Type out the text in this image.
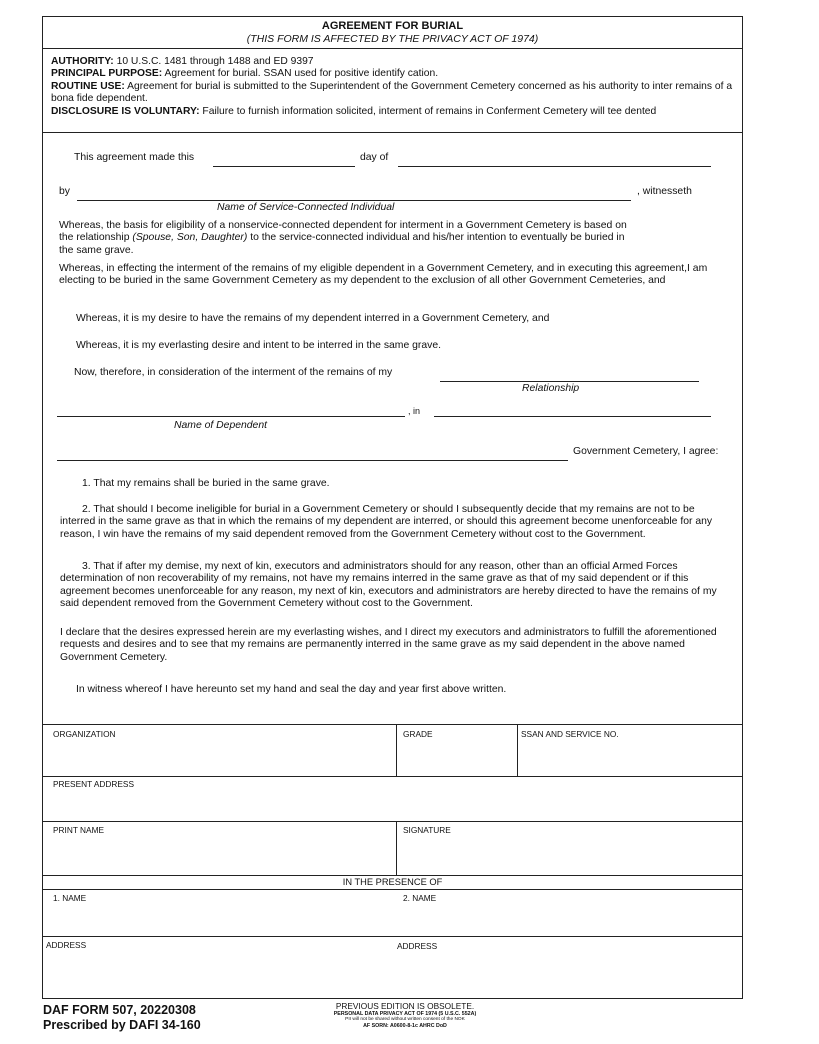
AGREEMENT FOR BURIAL
(THIS FORM IS AFFECTED BY THE PRIVACY ACT OF 1974)
AUTHORITY: 10 U.S.C. 1481 through 1488 and ED 9397
PRINCIPAL PURPOSE: Agreement for burial. SSAN used for positive identify cation.
ROUTINE USE: Agreement for burial is submitted to the Superintendent of the Government Cemetery concerned as his authority to inter remains of a bona fide dependent.
DISCLOSURE IS VOLUNTARY: Failure to furnish information solicited, interment of remains in Conferment Cemetery will tee dented
This agreement made this	day of
by	, witnesseth
Name of Service-Connected Individual
Whereas, the basis for eligibility of a nonservice-connected dependent for interment in a Government Cemetery is based on
the relationship (Spouse, Son, Daughter) to the service-connected individual and his/her intention to eventually be buried in
the same grave.
Whereas, in effecting the interment of the remains of my eligible dependent in a Government Cemetery, and in executing this agreement,I am electing to be buried in the same Government Cemetery as my dependent to the exclusion of all other Government Cemeteries, and
Whereas, it is my desire to have the remains of my dependent interred in a Government Cemetery, and
Whereas, it is my everlasting desire and intent to be interred in the same grave.
Now, therefore, in consideration of the interment of the remains of my
Relationship
, in
Name of Dependent
Government Cemetery, I agree:
1. That my remains shall be buried in the same grave.
2. That should I become ineligible for burial in a Government Cemetery or should I subsequently decide that my remains are not to be interred in the same grave as that in which the remains of my dependent are interred, or should this agreement become unenforceable for any reason, I win have the remains of my said dependent removed from the Government Cemetery without cost to the Government.
3. That if after my demise, my next of kin, executors and administrators should for any reason, other than an official Armed Forces determination of non recoverability of my remains, not have my remains interred in the same grave as that of my said dependent or if this agreement becomes unenforceable for any reason, my next of kin, executors and administrators are hereby directed to have the remains of my said dependent removed from the Government Cemetery without cost to the Government.
I declare that the desires expressed herein are my everlasting wishes, and I direct my executors and administrators to fulfill the aforementioned requests and desires and to see that my remains are permanently interred in the same grave as my said dependent in the above named Government Cemetery.
In witness whereof I have hereunto set my hand and seal the day and year first above written.
ORGANIZATION	GRADE	SSAN AND SERVICE NO.
PRESENT ADDRESS
PRINT NAME	SIGNATURE
IN THE PRESENCE OF
1. NAME	2. NAME
ADDRESS	ADDRESS
DAF FORM 507, 20220308
Prescribed by DAFI 34-160
PREVIOUS EDITION IS OBSOLETE.
PERSONAL DATA PRIVACY ACT OF 1974 (5 U.S.C. 552A)
PII will not be shared without written consent of the NOK
AF SORN: A0600-8-1c AHRC DoD
